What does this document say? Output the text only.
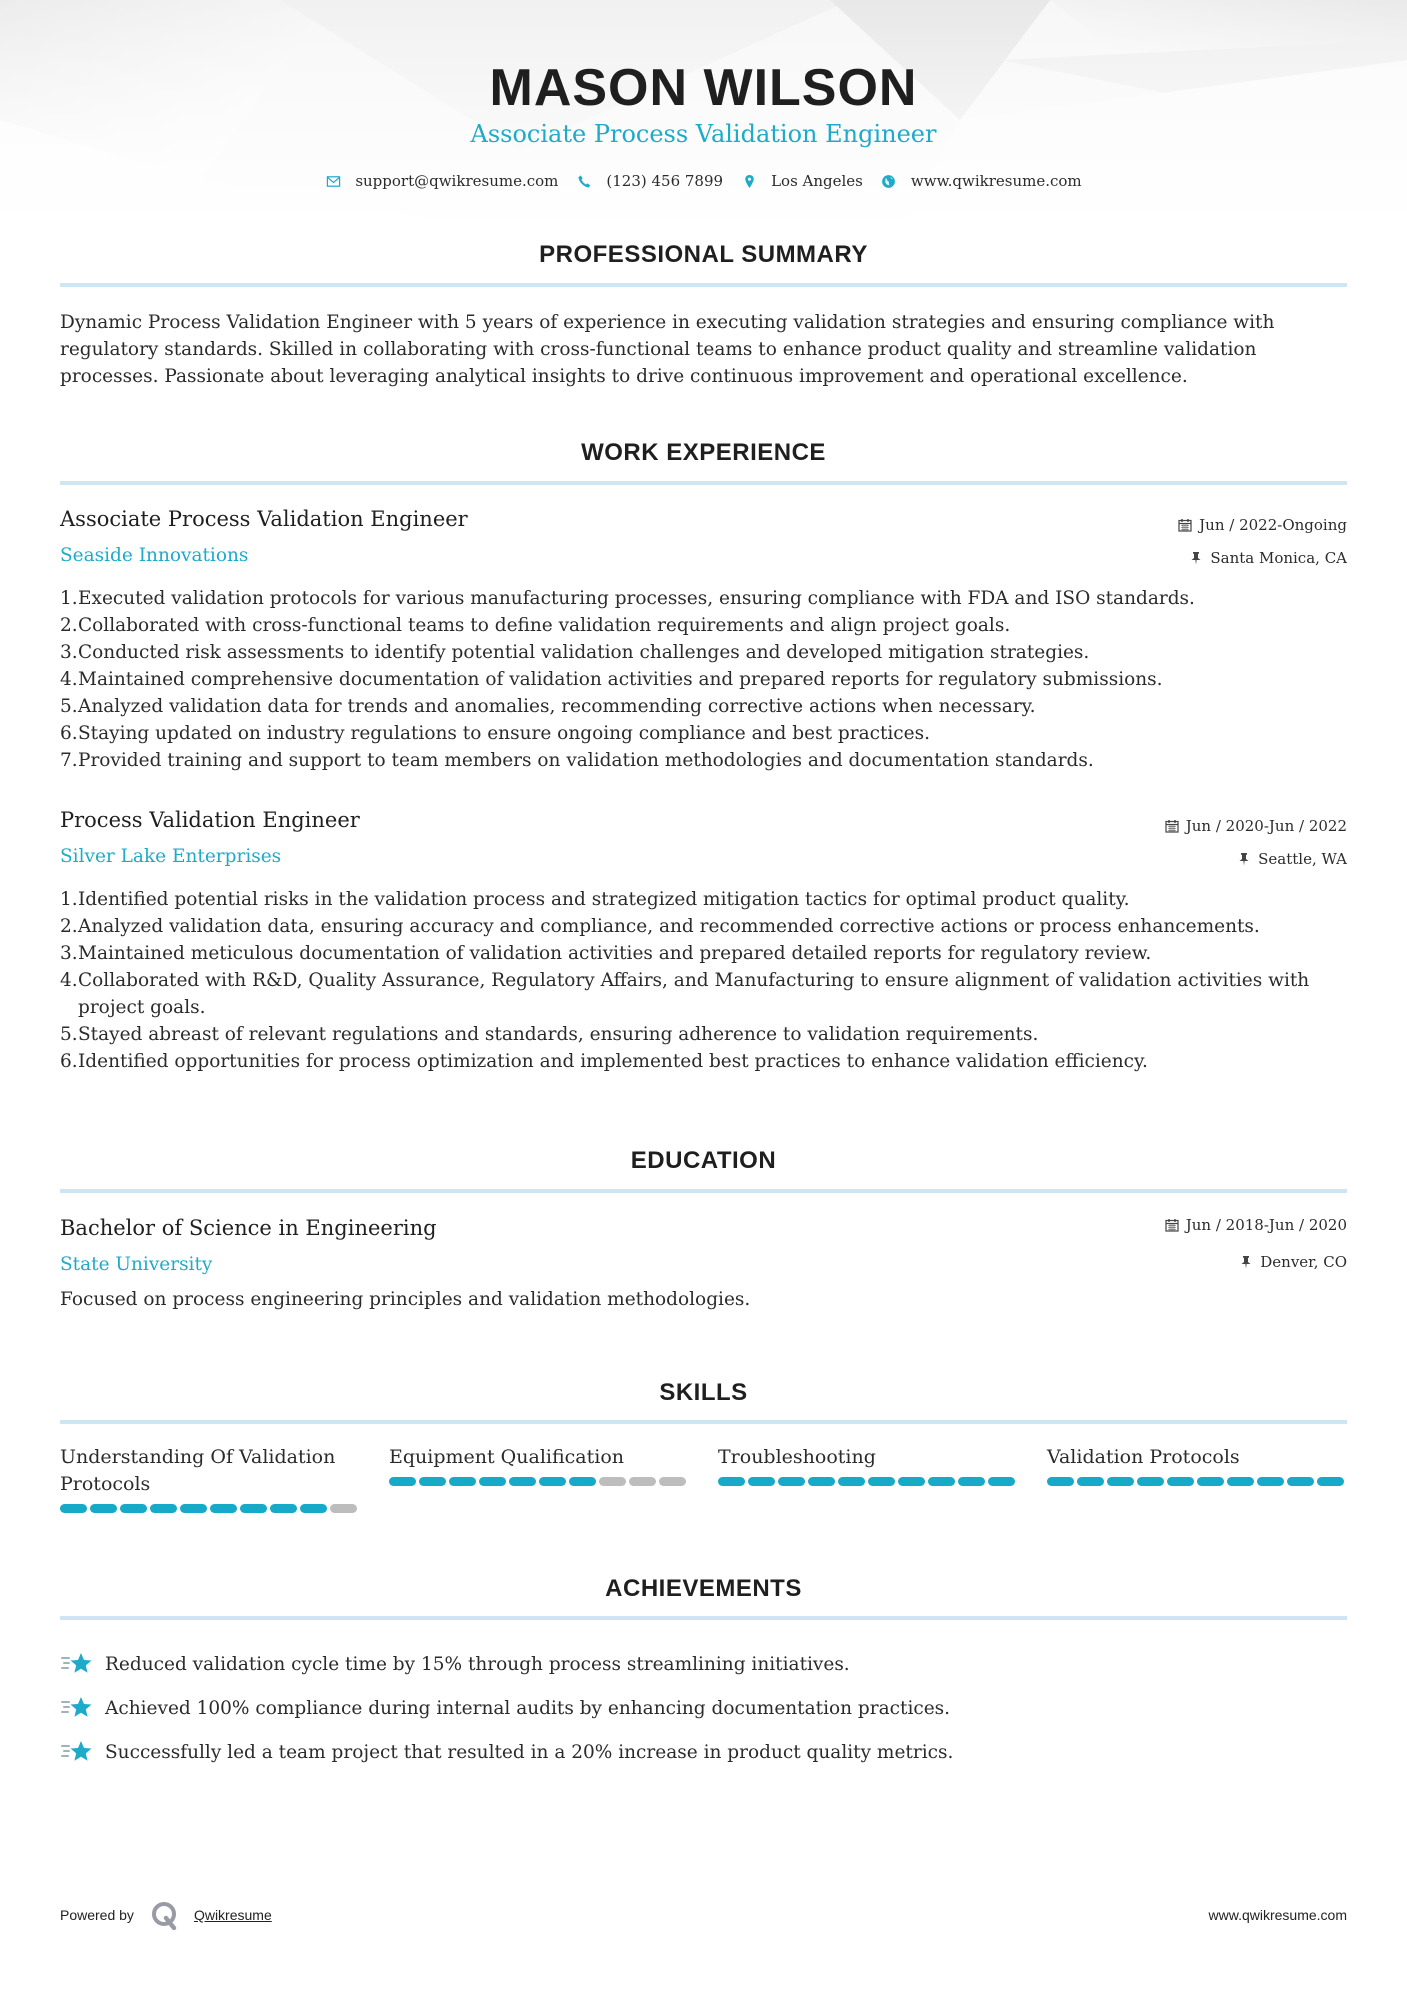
MASON WILSON
Associate Process Validation Engineer
support@qwikresume.com	(123) 456 7899	Los Angeles	www.qwikresume.com
PROFESSIONAL SUMMARY

Dynamic Process Validation Engineer with 5 years of experience in executing validation strategies and ensuring compliance with regulatory standards. Skilled in collaborating with cross-functional teams to enhance product quality and streamline validation processes. Passionate about leveraging analytical insights to drive continuous improvement and operational excellence.

WORK EXPERIENCE
Associate Process Validation Engineer
Seaside Innovations
Jun / 2022-Ongoing
Santa Monica, CA
1. Executed validation protocols for various manufacturing processes, ensuring compliance with FDA and ISO standards.
2. Collaborated with cross-functional teams to define validation requirements and align project goals.
3. Conducted risk assessments to identify potential validation challenges and developed mitigation strategies.
4. Maintained comprehensive documentation of validation activities and prepared reports for regulatory submissions.
5. Analyzed validation data for trends and anomalies, recommending corrective actions when necessary.
6. Staying updated on industry regulations to ensure ongoing compliance and best practices.
7. Provided training and support to team members on validation methodologies and documentation standards.
Process Validation Engineer
Silver Lake Enterprises
Jun / 2020-Jun / 2022
Seattle, WA
1. Identified potential risks in the validation process and strategized mitigation tactics for optimal product quality.
2. Analyzed validation data, ensuring accuracy and compliance, and recommended corrective actions or process enhancements.
3. Maintained meticulous documentation of validation activities and prepared detailed reports for regulatory review.
4. Collaborated with R&D, Quality Assurance, Regulatory Affairs, and Manufacturing to ensure alignment of validation activities with project goals.
5. Stayed abreast of relevant regulations and standards, ensuring adherence to validation requirements.
6. Identified opportunities for process optimization and implemented best practices to enhance validation efficiency.
EDUCATION
Bachelor of Science in Engineering
State University
Jun / 2018-Jun / 2020
Denver, CO

Focused on process engineering principles and validation methodologies.

SKILLS
Understanding Of Validation Protocols
Equipment Qualification	Troubleshooting	Validation Protocols
ACHIEVEMENTS
Reduced validation cycle time by 15% through process streamlining initiatives.
Achieved 100% compliance during internal audits by enhancing documentation practices.
Successfully led a team project that resulted in a 20% increase in product quality metrics.
Powered by	Qwikresume	www.qwikresume.com
